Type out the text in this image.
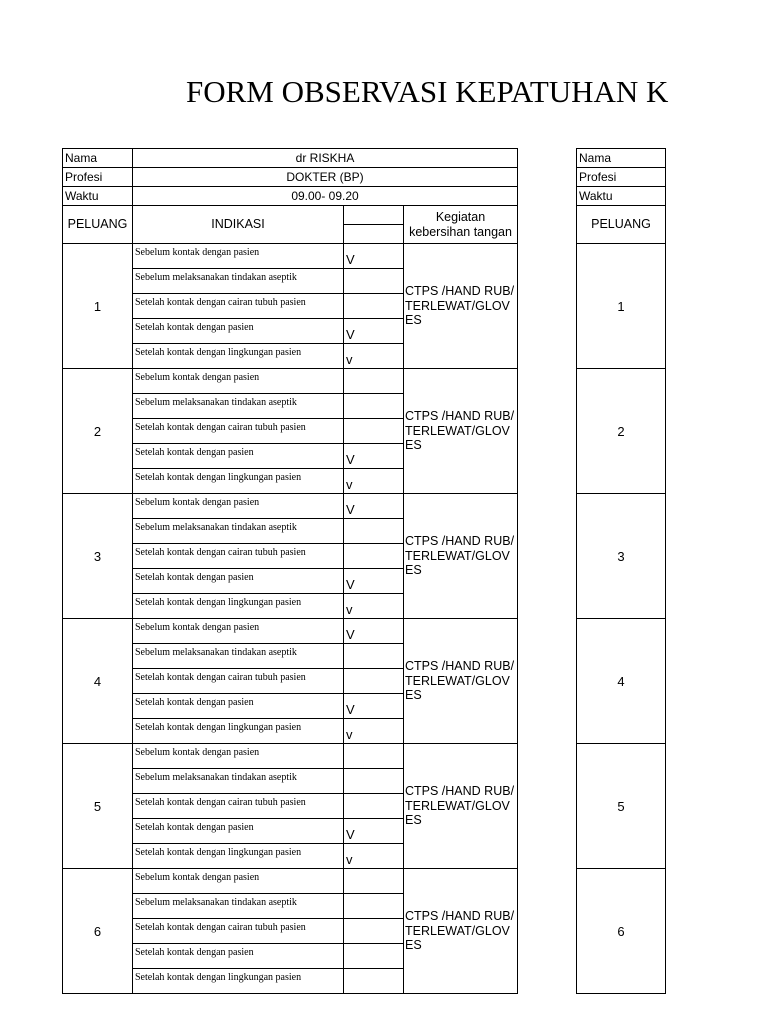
FORM OBSERVASI KEPATUHAN K
Nama	dr RISKHA		
Profesi	DOKTER (BP)		
Waktu	09.00- 09.20		
PELUANG	INDIKASI		Kegiatan kebersihan tangan

1	Sebelum kontak dengan pasien	V	CTPS /HAND RUB/TERLEWAT/GLOVES

	Sebelum melaksanakan tindakan aseptik		
	Setelah kontak dengan cairan tubuh pasien		
	Setelah kontak dengan pasien	V	
	Setelah kontak dengan lingkungan pasien	v	
2	Sebelum kontak dengan pasien		CTPS /HAND RUB/TERLEWAT/GLOVES

	Sebelum melaksanakan tindakan aseptik		
	Setelah kontak dengan cairan tubuh pasien		
	Setelah kontak dengan pasien	V	
	Setelah kontak dengan lingkungan pasien	v	
3	Sebelum kontak dengan pasien	V	CTPS /HAND RUB/TERLEWAT/GLOVES

	Sebelum melaksanakan tindakan aseptik		
	Setelah kontak dengan cairan tubuh pasien		
	Setelah kontak dengan pasien	V	
	Setelah kontak dengan lingkungan pasien	v	
4	Sebelum kontak dengan pasien	V	CTPS /HAND RUB/TERLEWAT/GLOVES

	Sebelum melaksanakan tindakan aseptik		
	Setelah kontak dengan cairan tubuh pasien		
	Setelah kontak dengan pasien	V	
	Setelah kontak dengan lingkungan pasien	v	
5	Sebelum kontak dengan pasien		CTPS /HAND RUB/TERLEWAT/GLOVES

	Sebelum melaksanakan tindakan aseptik		
	Setelah kontak dengan cairan tubuh pasien		
	Setelah kontak dengan pasien	V	
	Setelah kontak dengan lingkungan pasien	v	
6	Sebelum kontak dengan pasien		CTPS /HAND RUB/TERLEWAT/GLOVES

	Sebelum melaksanakan tindakan aseptik		
	Setelah kontak dengan cairan tubuh pasien		
	Setelah kontak dengan pasien		
	Setelah kontak dengan lingkungan pasien		
Nama
Profesi
Waktu
PELUANG
1
2
3
4
5
6
